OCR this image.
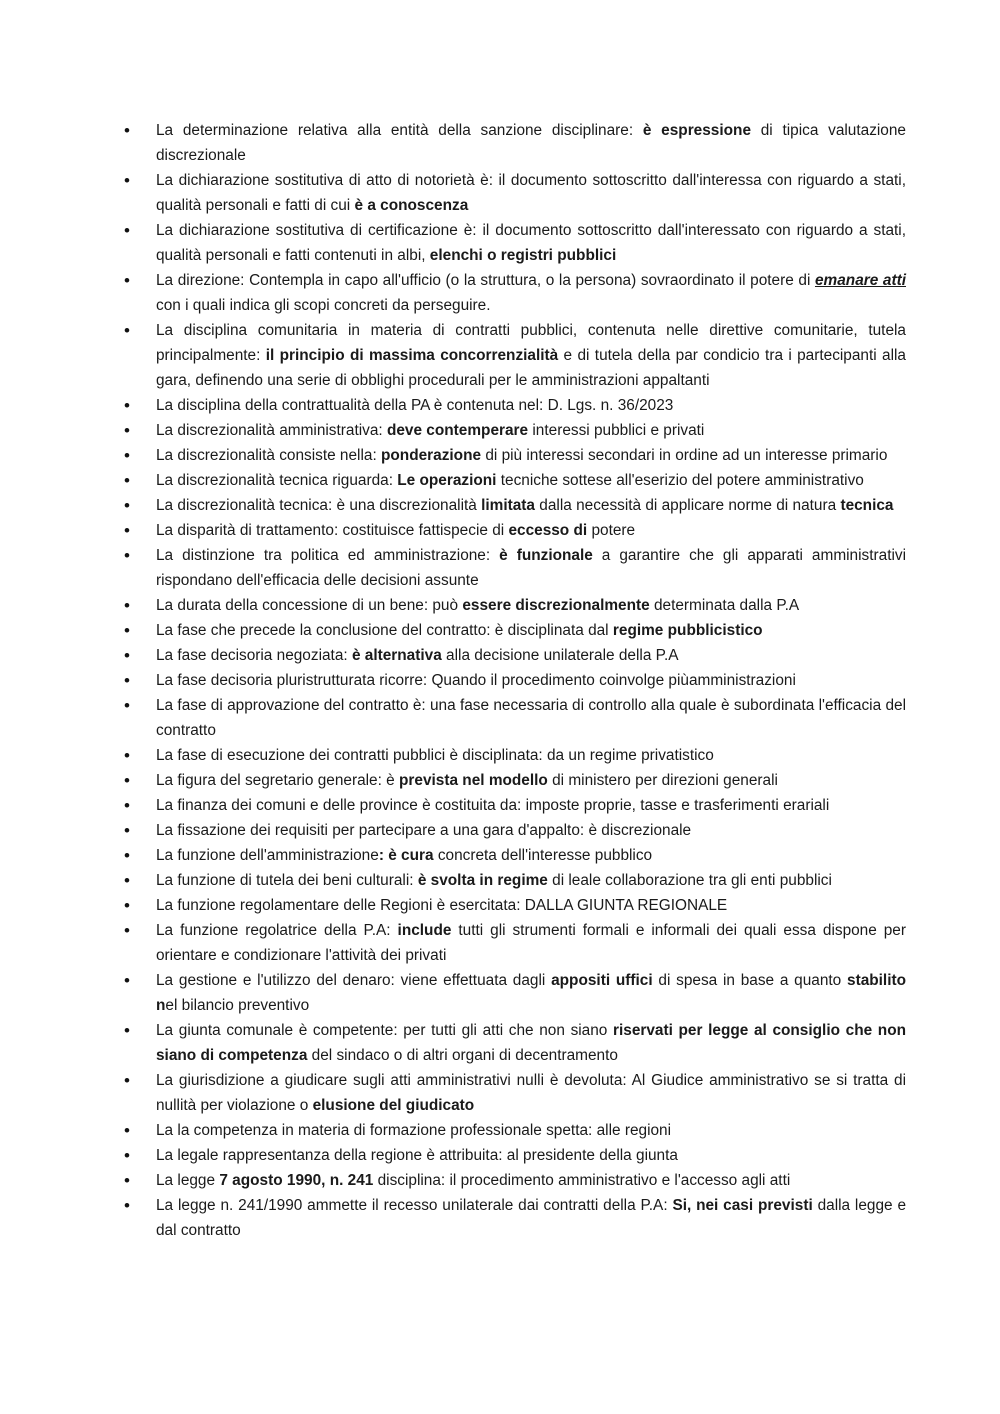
• La determinazione relativa alla entità della sanzione disciplinare: è espressione di tipica valutazione discrezionale
• La dichiarazione sostitutiva di atto di notorietà è: il documento sottoscritto dall'interessa con riguardo a stati, qualità personali e fatti di cui è a conoscenza
• La dichiarazione sostitutiva di certificazione è: il documento sottoscritto dall'interessato con riguardo a stati, qualità personali e fatti contenuti in albi, elenchi o registri pubblici
• La direzione: Contempla in capo all'ufficio (o la struttura, o la persona) sovraordinato il potere di emanare atti con i quali indica gli scopi concreti da perseguire.
• La disciplina comunitaria in materia di contratti pubblici, contenuta nelle direttive comunitarie, tutela principalmente: il principio di massima concorrenzialità e di tutela della par condicio tra i partecipanti alla gara, definendo una serie di obblighi procedurali per le amministrazioni appaltanti
• La disciplina della contrattualità della PA è contenuta nel: D. Lgs. n. 36/2023
• La discrezionalità amministrativa: deve contemperare interessi pubblici e privati
• La discrezionalità consiste nella: ponderazione di più interessi secondari in ordine ad un interesse primario
• La discrezionalità tecnica riguarda: Le operazioni tecniche sottese all'eserizio del potere amministrativo
• La discrezionalità tecnica: è una discrezionalità limitata dalla necessità di applicare norme di natura tecnica
• La disparità di trattamento: costituisce fattispecie di eccesso di potere
• La distinzione tra politica ed amministrazione: è funzionale a garantire che gli apparati amministrativi rispondano dell'efficacia delle decisioni assunte
• La durata della concessione di un bene: può essere discrezionalmente determinata dalla P.A
• La fase che precede la conclusione del contratto: è disciplinata dal regime pubblicistico
• La fase decisoria negoziata: è alternativa alla decisione unilaterale della P.A
• La fase decisoria pluristrutturata ricorre: Quando il procedimento coinvolge piùamministrazioni
• La fase di approvazione del contratto è: una fase necessaria di controllo alla quale è subordinata l'efficacia del contratto
• La fase di esecuzione dei contratti pubblici è disciplinata: da un regime privatistico
• La figura del segretario generale: è prevista nel modello di ministero per direzioni generali
• La finanza dei comuni e delle province è costituita da: imposte proprie, tasse e trasferimenti erariali
• La fissazione dei requisiti per partecipare a una gara d'appalto: è discrezionale
• La funzione dell'amministrazione: è cura concreta dell'interesse pubblico
• La funzione di tutela dei beni culturali: è svolta in regime di leale collaborazione tra gli enti pubblici
• La funzione regolamentare delle Regioni è esercitata: DALLA GIUNTA REGIONALE
• La funzione regolatrice della P.A: include tutti gli strumenti formali e informali dei quali essa dispone per orientare e condizionare l'attività dei privati
• La gestione e l'utilizzo del denaro: viene effettuata dagli appositi uffici di spesa in base a quanto stabilito nel bilancio preventivo
• La giunta comunale è competente: per tutti gli atti che non siano riservati per legge al consiglio che non siano di competenza del sindaco o di altri organi di decentramento
• La giurisdizione a giudicare sugli atti amministrativi nulli è devoluta: Al Giudice amministrativo se si tratta di nullità per violazione o elusione del giudicato
• La la competenza in materia di formazione professionale spetta: alle regioni
• La legale rappresentanza della regione è attribuita: al presidente della giunta
• La legge 7 agosto 1990, n. 241 disciplina: il procedimento amministrativo e l'accesso agli atti
• La legge n. 241/1990 ammette il recesso unilaterale dai contratti della P.A: Si, nei casi previsti dalla legge e dal contratto
